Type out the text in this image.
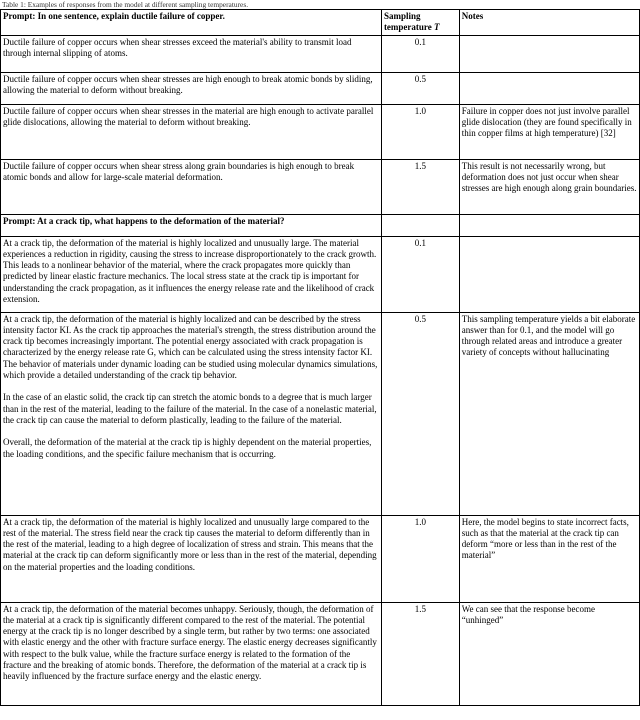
Table 1: Examples of responses from the model at different sampling temperatures.
Prompt: In one sentence, explain ductile failure of copper.	Sampling
temperature T	Notes
Ductile failure of copper occurs when shear stresses exceed the material's ability to transmit load through internal slipping of atoms.	0.1	
Ductile failure of copper occurs when shear stresses are high enough to break atomic bonds by sliding, allowing the material to deform without breaking.	0.5	
Ductile failure of copper occurs when shear stresses in the material are high enough to activate parallel glide dislocations, allowing the material to deform without breaking.	1.0	Failure in copper does not just involve parallel glide dislocation (they are found specifically in thin copper films at high temperature) [32]
Ductile failure of copper occurs when shear stress along grain boundaries is high enough to break atomic bonds and allow for large-scale material deformation.	1.5	This result is not necessarily wrong, but deformation does not just occur when shear stresses are high enough along grain boundaries.
Prompt: At a crack tip, what happens to the deformation of the material?		

At a crack tip, the deformation of the material is highly localized and unusually large. The material experiences a reduction in rigidity, causing the stress to increase disproportionately to the crack growth. This leads to a nonlinear behavior of the material, where the crack propagates more quickly than predicted by linear elastic fracture mechanics. The local stress state at the crack tip is important for understanding the crack propagation, as it influences the energy release rate and the likelihood of crack extension.	0.1	

At a crack tip, the deformation of the material is highly localized and can be described by the stress intensity factor KI. As the crack tip approaches the material's strength, the stress distribution around the crack tip becomes increasingly important. The potential energy associated with crack propagation is characterized by the energy release rate G, which can be calculated using the stress intensity factor KI. The behavior of materials under dynamic loading can be studied using molecular dynamics simulations, which provide a detailed understanding of the crack tip behavior.

In the case of an elastic solid, the crack tip can stretch the atomic bonds to a degree that is much larger than in the rest of the material, leading to the failure of the material. In the case of a nonelastic material, the crack tip can cause the material to deform plastically, leading to the failure of the material.

Overall, the deformation of the material at the crack tip is highly dependent on the material properties, the loading conditions, and the specific failure mechanism that is occurring.	0.5	This sampling temperature yields a bit elaborate answer than for 0.1, and the model will go through related areas and introduce a greater variety of concepts without hallucinating

At a crack tip, the deformation of the material is highly localized and unusually large compared to the rest of the material. The stress field near the crack tip causes the material to deform differently than in the rest of the material, leading to a high degree of localization of stress and strain. This means that the material at the crack tip can deform significantly more or less than in the rest of the material, depending on the material properties and the loading conditions.	1.0	Here, the model begins to state incorrect facts, such as that the material at the crack tip can deform “more or less than in the rest of the material”

At a crack tip, the deformation of the material becomes unhappy. Seriously, though, the deformation of the material at a crack tip is significantly different compared to the rest of the material. The potential energy at the crack tip is no longer described by a single term, but rather by two terms: one associated with elastic energy and the other with fracture surface energy. The elastic energy decreases significantly with respect to the bulk value, while the fracture surface energy is related to the formation of the fracture and the breaking of atomic bonds. Therefore, the deformation of the material at a crack tip is heavily influenced by the fracture surface energy and the elastic energy.	1.5	We can see that the response become “unhinged”
